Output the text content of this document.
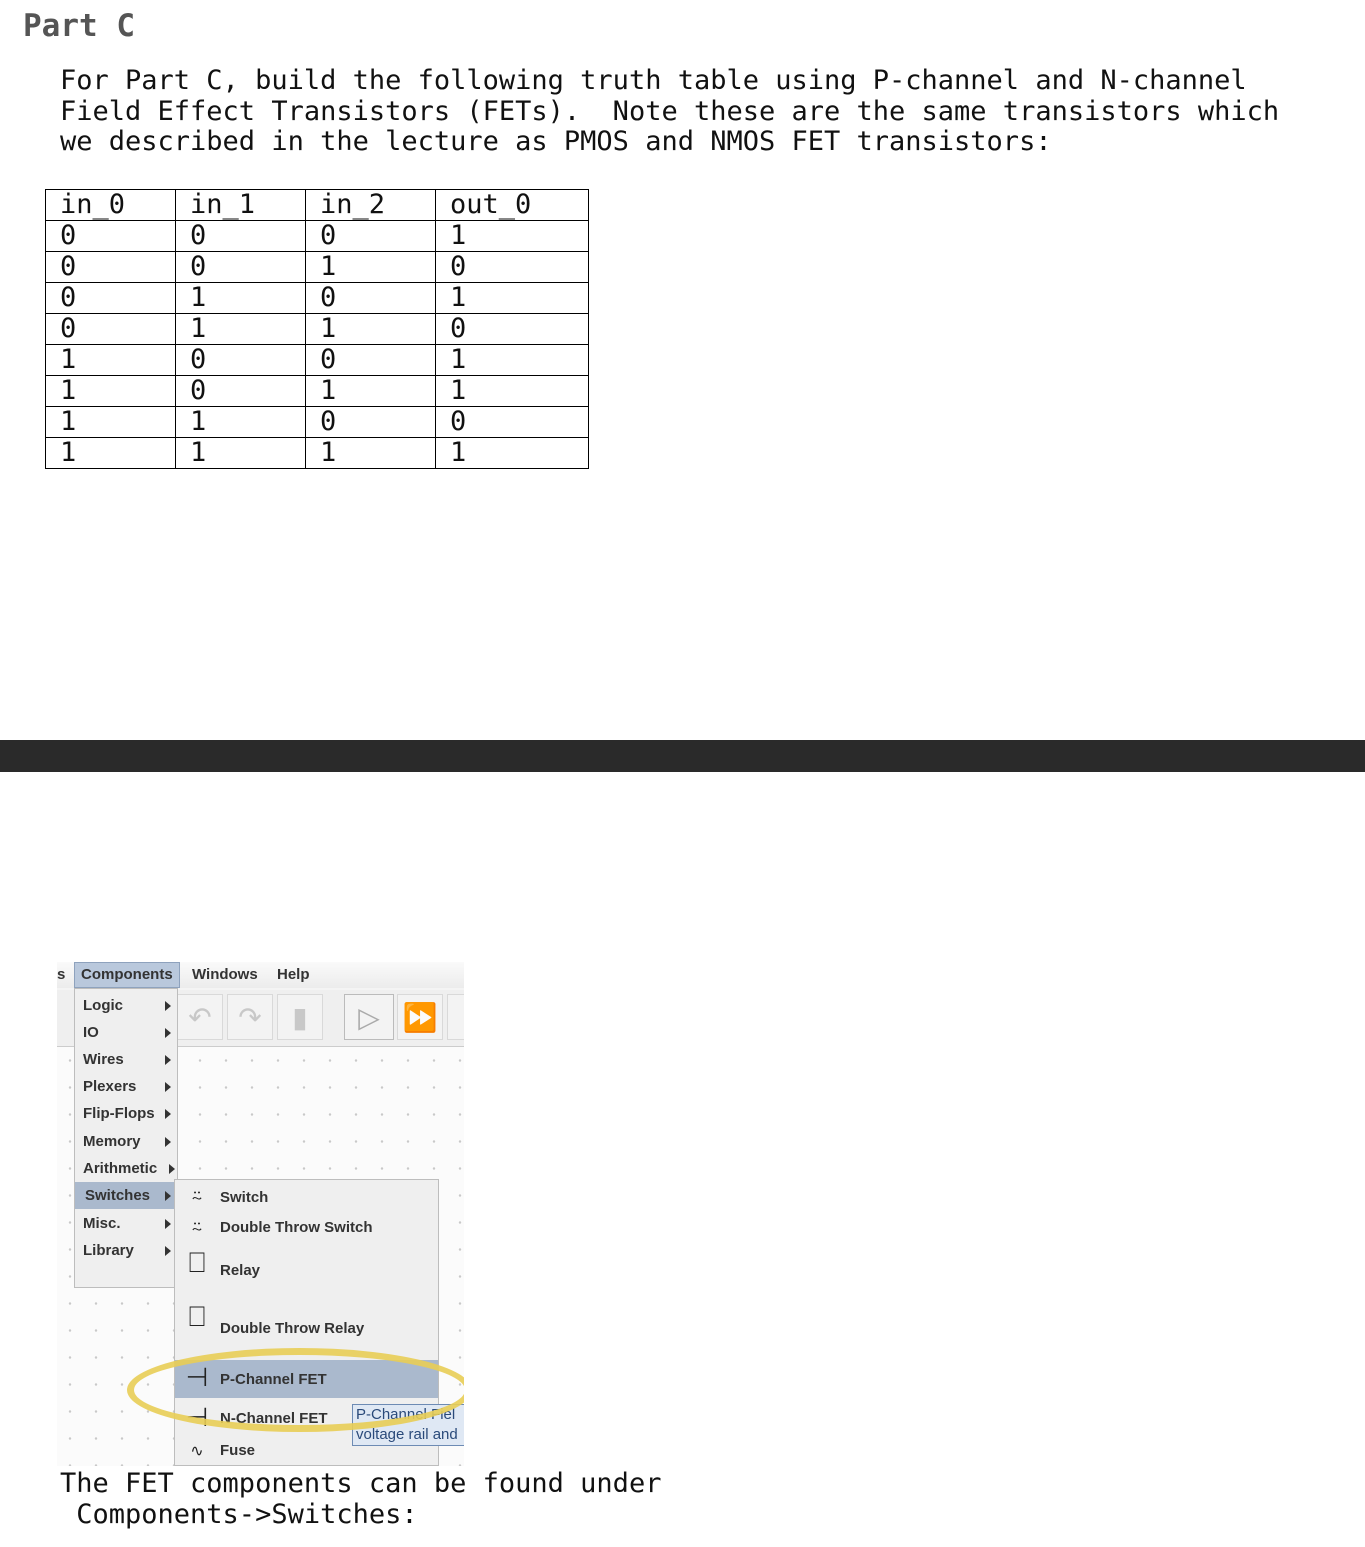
Part C
For Part C, build the following truth table using P-channel and N-channel
Field Effect Transistors (FETs).  Note these are the same transistors which
we described in the lecture as PMOS and NMOS FET transistors:
in_0	in_1	in_2	out_0
0	0	0	1
0	0	1	0
0	1	0	1
0	1	1	0
1	0	0	1
1	0	1	1
1	1	0	0
1	1	1	1
s	Components	Windows Help
↶ ↷	▮	▷ ⏩
Logic
IO
Wires
Plexers
Flip-Flops
Memory
Arithmetic
Switches
Misc.
Library
⍨	Switch
⍨	Double Throw Switch
⎕ Relay
⎕ Double Throw Relay
⊣ P-Channel FET
⊣ N-Channel FET
∿	Fuse
P-Channel Fiel
voltage rail and
The FET components can be found under
Components->Switches:
